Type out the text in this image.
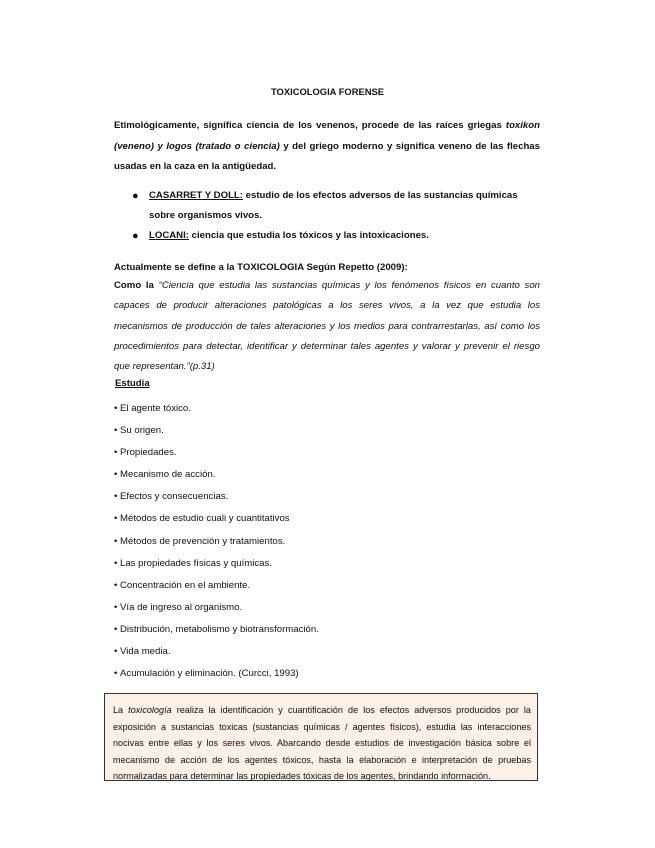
TOXICOLOGIA FORENSE

Etimológicamente, significa ciencia de los venenos, procede de las raíces griegas toxikon (veneno) y logos (tratado o ciencia) y del griego moderno y significa veneno de las flechas usadas en la caza en la antigüedad.

● CASARRET Y DOLL: estudio de los efectos adversos de las sustancias químicas sobre organismos vivos.
● LOCANI: ciencia que estudia los tóxicos y las intoxicaciones.

Actualmente se define a la TOXICOLOGIA Según Repetto (2009):

Como la “Ciencia que estudia las sustancias químicas y los fenómenos físicos en cuanto son capaces de producir alteraciones patológicas a los seres vivos, a la vez que estudia los mecanismos de producción de tales alteraciones y los medios para contrarrestarlas, así como los procedimientos para detectar, identificar y determinar tales agentes y valorar y prevenir el riesgo que representan.”(p.31)

Estudia

• El agente tóxico.
• Su origen.
• Propiedades.
• Mecanismo de acción.
• Efectos y consecuencias.
• Métodos de estudio cuali y cuantitativos
• Métodos de prevención y tratamientos.
• Las propiedades físicas y químicas.
• Concentración en el ambiente.
• Vía de ingreso al organismo.
• Distribución, metabolismo y biotransformación.
• Vida media.
• Acumulación y eliminación. (Curcci, 1993)
La toxicología realiza la identificación y cuantificación de los efectos adversos producidos por la exposición a sustancias toxicas (sustancias químicas / agentes físicos), estudia las interacciones nocivas entre ellas y los seres vivos. Abarcando desde estudios de investigación básica sobre el mecanismo de acción de los agentes tóxicos, hasta la elaboración e interpretación de pruebas normalizadas para determinar las propiedades tóxicas de los agentes, brindando información.
